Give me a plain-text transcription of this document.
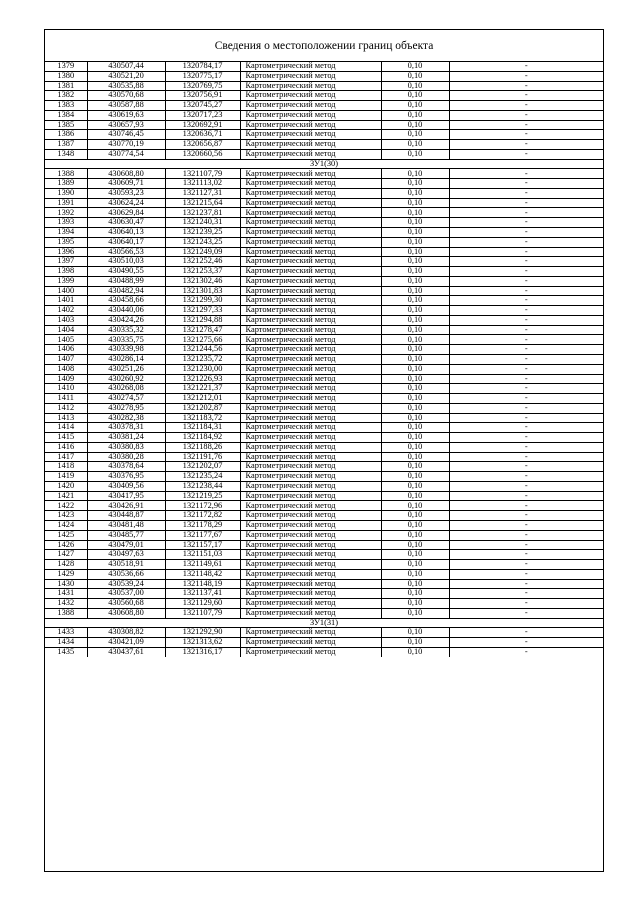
Сведения о местоположении границ объекта
1379	430507,44	1320784,17	Картометрический метод	0,10	-
1380	430521,20	1320775,17	Картометрический метод	0,10	-
1381	430535,88	1320769,75	Картометрический метод	0,10	-
1382	430570,68	1320756,91	Картометрический метод	0,10	-
1383	430587,88	1320745,27	Картометрический метод	0,10	-
1384	430619,63	1320717,23	Картометрический метод	0,10	-
1385	430657,93	1320692,91	Картометрический метод	0,10	-
1386	430746,45	1320636,71	Картометрический метод	0,10	-
1387	430770,19	1320656,87	Картометрический метод	0,10	-
1348	430774,54	1320660,56	Картометрический метод	0,10	-
ЗУ1(30)					
1388	430608,80	1321107,79	Картометрический метод	0,10	-
1389	430609,71	1321113,02	Картометрический метод	0,10	-
1390	430593,23	1321127,31	Картометрический метод	0,10	-
1391	430624,24	1321215,64	Картометрический метод	0,10	-
1392	430629,84	1321237,81	Картометрический метод	0,10	-
1393	430630,47	1321240,31	Картометрический метод	0,10	-
1394	430640,13	1321239,25	Картометрический метод	0,10	-
1395	430640,17	1321243,25	Картометрический метод	0,10	-
1396	430566,53	1321249,09	Картометрический метод	0,10	-
1397	430510,03	1321252,46	Картометрический метод	0,10	-
1398	430490,55	1321253,37	Картометрический метод	0,10	-
1399	430488,99	1321302,46	Картометрический метод	0,10	-
1400	430482,94	1321301,83	Картометрический метод	0,10	-
1401	430458,66	1321299,30	Картометрический метод	0,10	-
1402	430440,06	1321297,33	Картометрический метод	0,10	-
1403	430424,26	1321294,88	Картометрический метод	0,10	-
1404	430335,32	1321278,47	Картометрический метод	0,10	-
1405	430335,75	1321275,66	Картометрический метод	0,10	-
1406	430339,98	1321244,56	Картометрический метод	0,10	-
1407	430286,14	1321235,72	Картометрический метод	0,10	-
1408	430251,26	1321230,00	Картометрический метод	0,10	-
1409	430260,92	1321226,93	Картометрический метод	0,10	-
1410	430268,08	1321221,37	Картометрический метод	0,10	-
1411	430274,57	1321212,01	Картометрический метод	0,10	-
1412	430278,95	1321202,87	Картометрический метод	0,10	-
1413	430282,38	1321183,72	Картометрический метод	0,10	-
1414	430378,31	1321184,31	Картометрический метод	0,10	-
1415	430381,24	1321184,92	Картометрический метод	0,10	-
1416	430380,83	1321188,26	Картометрический метод	0,10	-
1417	430380,28	1321191,76	Картометрический метод	0,10	-
1418	430378,64	1321202,07	Картометрический метод	0,10	-
1419	430376,95	1321235,24	Картометрический метод	0,10	-
1420	430409,56	1321238,44	Картометрический метод	0,10	-
1421	430417,95	1321219,25	Картометрический метод	0,10	-
1422	430426,91	1321172,96	Картометрический метод	0,10	-
1423	430448,87	1321172,82	Картометрический метод	0,10	-
1424	430481,48	1321178,29	Картометрический метод	0,10	-
1425	430485,77	1321177,67	Картометрический метод	0,10	-
1426	430479,01	1321157,17	Картометрический метод	0,10	-
1427	430497,63	1321151,03	Картометрический метод	0,10	-
1428	430518,91	1321149,61	Картометрический метод	0,10	-
1429	430536,66	1321148,42	Картометрический метод	0,10	-
1430	430539,24	1321148,19	Картометрический метод	0,10	-
1431	430537,00	1321137,41	Картометрический метод	0,10	-
1432	430560,68	1321129,60	Картометрический метод	0,10	-
1388	430608,80	1321107,79	Картометрический метод	0,10	-
ЗУ1(31)					
1433	430308,82	1321292,90	Картометрический метод	0,10	-
1434	430421,09	1321313,62	Картометрический метод	0,10	-
1435	430437,61	1321316,17	Картометрический метод	0,10	-
